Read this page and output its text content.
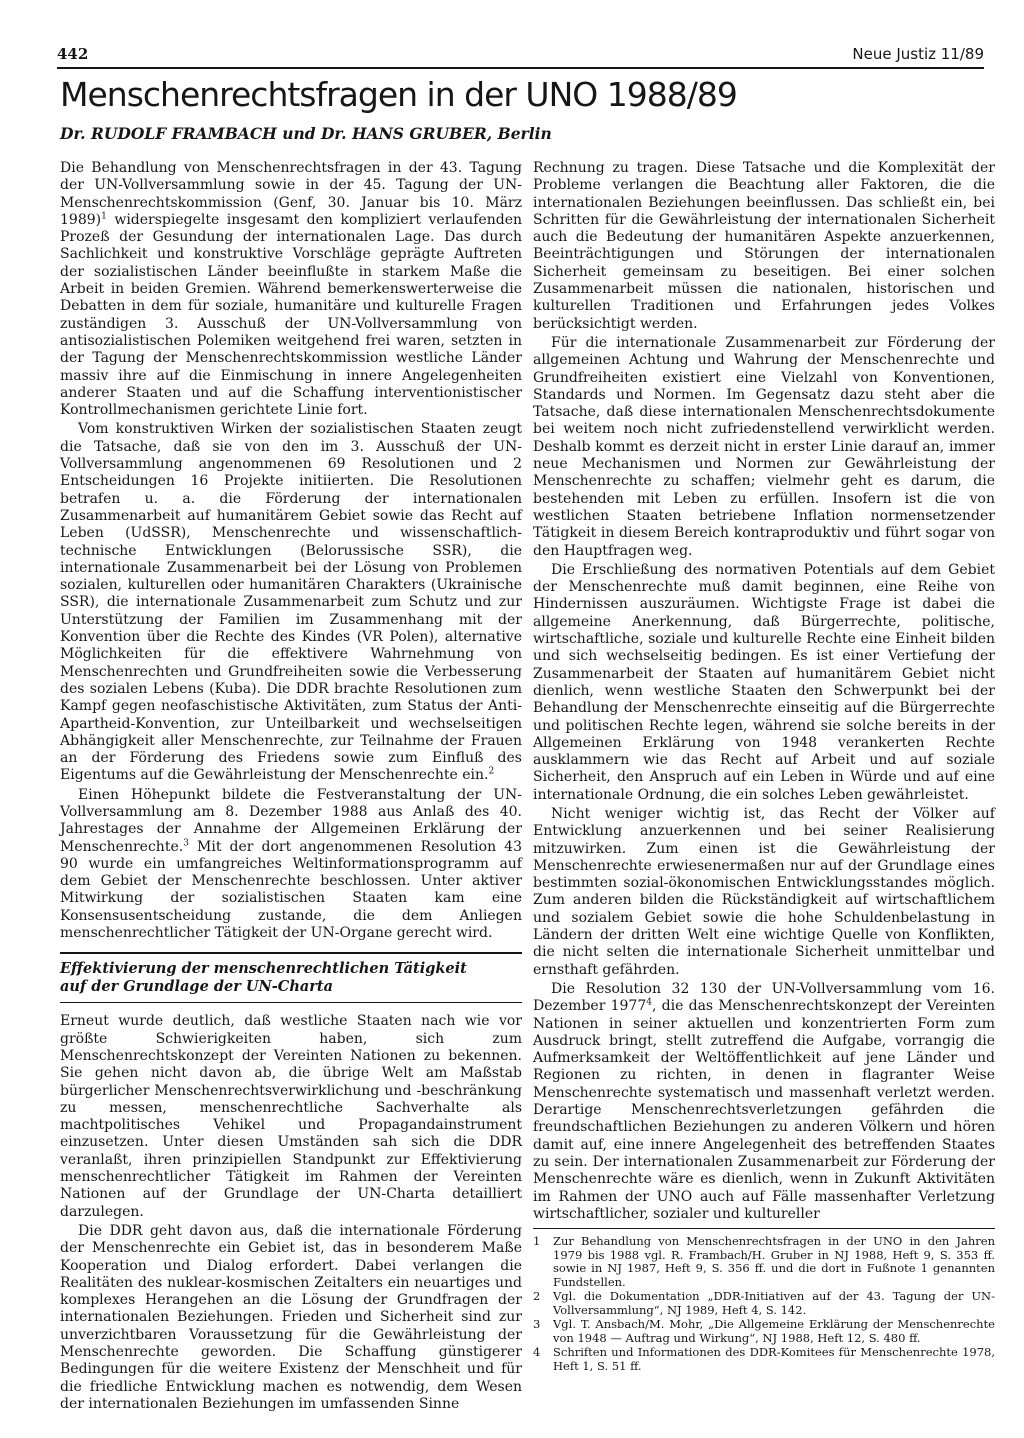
442	Neue Justiz 11/89
Menschenrechtsfragen in der UNO 1988/89
Dr. RUDOLF FRAMBACH und Dr. HANS GRUBER, Berlin

Die Behandlung von Menschenrechtsfragen in der 43. Tagung der UN-Vollversammlung sowie in der 45. Tagung der UN-Menschenrechtskommission (Genf, 30. Januar bis 10. März 1989)$^1$ widerspiegelte insgesamt den kompliziert verlaufenden Prozeß der Gesundung der internationalen Lage. Das durch Sachlichkeit und konstruktive Vorschläge geprägte Auftreten der sozialistischen Länder beeinflußte in starkem Maße die Arbeit in beiden Gremien. Während bemerkenswerterweise die Debatten in dem für soziale, humanitäre und kulturelle Fragen zuständigen 3. Ausschuß der UN-Vollversammlung von antisozialistischen Polemiken weitgehend frei waren, setzten in der Tagung der Menschenrechtskommission westliche Länder massiv ihre auf die Einmischung in innere Angelegenheiten anderer Staaten und auf die Schaffung interventionistischer Kontrollmechanismen gerichtete Linie fort.

Vom konstruktiven Wirken der sozialistischen Staaten zeugt die Tatsache, daß sie von den im 3. Ausschuß der UN-Vollversammlung angenommenen 69 Resolutionen und 2 Entscheidungen 16 Projekte initiierten. Die Resolutionen betrafen u. a. die Förderung der internationalen Zusammenarbeit auf humanitärem Gebiet sowie das Recht auf Leben (UdSSR), Menschenrechte und wissenschaftlich-technische Entwicklungen (Belorussische SSR), die internationale Zusammenarbeit bei der Lösung von Problemen sozialen, kulturellen oder humanitären Charakters (Ukrainische SSR), die internationale Zusammenarbeit zum Schutz und zur Unterstützung der Familien im Zusammenhang mit der Konvention über die Rechte des Kindes (VR Polen), alternative Möglichkeiten für die effektivere Wahrnehmung von Menschenrechten und Grundfreiheiten sowie die Verbesserung des sozialen Lebens (Kuba). Die DDR brachte Resolutionen zum Kampf gegen neofaschistische Aktivitäten, zum Status der Anti-Apartheid-Konvention, zur Unteilbarkeit und wechselseitigen Abhängigkeit aller Menschenrechte, zur Teilnahme der Frauen an der Förderung des Friedens sowie zum Einfluß des Eigentums auf die Gewährleistung der Menschenrechte ein.$^2$

Einen Höhepunkt bildete die Festveranstaltung der UN-Vollversammlung am 8. Dezember 1988 aus Anlaß des 40. Jahrestages der Annahme der Allgemeinen Erklärung der Menschenrechte.$^3$ Mit der dort angenommenen Resolution 43 90 wurde ein umfangreiches Weltinformationsprogramm auf dem Gebiet der Menschenrechte beschlossen. Unter aktiver Mitwirkung der sozialistischen Staaten kam eine Konsensusentscheidung zustande, die dem Anliegen menschenrechtlicher Tätigkeit der UN-Organe gerecht wird.

Effektivierung der menschenrechtlichen Tätigkeit
auf der Grundlage der UN-Charta

Erneut wurde deutlich, daß westliche Staaten nach wie vor größte Schwierigkeiten haben, sich zum Menschenrechtskonzept der Vereinten Nationen zu bekennen. Sie gehen nicht davon ab, die übrige Welt am Maßstab bürgerlicher Menschenrechtsverwirklichung und -beschränkung zu messen, menschenrechtliche Sachverhalte als machtpolitisches Vehikel und Propagandainstrument einzusetzen. Unter diesen Umständen sah sich die DDR veranlaßt, ihren prinzipiellen Standpunkt zur Effektivierung menschenrechtlicher Tätigkeit im Rahmen der Vereinten Nationen auf der Grundlage der UN-Charta detailliert darzulegen.

Die DDR geht davon aus, daß die internationale Förderung der Menschenrechte ein Gebiet ist, das in besonderem Maße Kooperation und Dialog erfordert. Dabei verlangen die Realitäten des nuklear-kosmischen Zeitalters ein neuartiges und komplexes Herangehen an die Lösung der Grundfragen der internationalen Beziehungen. Frieden und Sicherheit sind zur unverzichtbaren Voraussetzung für die Gewährleistung der Menschenrechte geworden. Die Schaffung günstigerer Bedingungen für die weitere Existenz der Menschheit und für die friedliche Entwicklung machen es notwendig, dem Wesen der internationalen Beziehungen im umfassenden Sinne

Rechnung zu tragen. Diese Tatsache und die Komplexität der Probleme verlangen die Beachtung aller Faktoren, die die internationalen Beziehungen beeinflussen. Das schließt ein, bei Schritten für die Gewährleistung der internationalen Sicherheit auch die Bedeutung der humanitären Aspekte anzuerkennen, Beeinträchtigungen und Störungen der internationalen Sicherheit gemeinsam zu beseitigen. Bei einer solchen Zusammenarbeit müssen die nationalen, historischen und kulturellen Traditionen und Erfahrungen jedes Volkes berücksichtigt werden.

Für die internationale Zusammenarbeit zur Förderung der allgemeinen Achtung und Wahrung der Menschenrechte und Grundfreiheiten existiert eine Vielzahl von Konventionen, Standards und Normen. Im Gegensatz dazu steht aber die Tatsache, daß diese internationalen Menschenrechtsdokumente bei weitem noch nicht zufriedenstellend verwirklicht werden. Deshalb kommt es derzeit nicht in erster Linie darauf an, immer neue Mechanismen und Normen zur Gewährleistung der Menschenrechte zu schaffen; vielmehr geht es darum, die bestehenden mit Leben zu erfüllen. Insofern ist die von westlichen Staaten betriebene Inflation normensetzender Tätigkeit in diesem Bereich kontraproduktiv und führt sogar von den Hauptfragen weg.

Die Erschließung des normativen Potentials auf dem Gebiet der Menschenrechte muß damit beginnen, eine Reihe von Hindernissen auszuräumen. Wichtigste Frage ist dabei die allgemeine Anerkennung, daß Bürgerrechte, politische, wirtschaftliche, soziale und kulturelle Rechte eine Einheit bilden und sich wechselseitig bedingen. Es ist einer Vertiefung der Zusammenarbeit der Staaten auf humanitärem Gebiet nicht dienlich, wenn westliche Staaten den Schwerpunkt bei der Behandlung der Menschenrechte einseitig auf die Bürgerrechte und politischen Rechte legen, während sie solche bereits in der Allgemeinen Erklärung von 1948 verankerten Rechte ausklammern wie das Recht auf Arbeit und auf soziale Sicherheit, den Anspruch auf ein Leben in Würde und auf eine internationale Ordnung, die ein solches Leben gewährleistet.

Nicht weniger wichtig ist, das Recht der Völker auf Entwicklung anzuerkennen und bei seiner Realisierung mitzuwirken. Zum einen ist die Gewährleistung der Menschenrechte erwiesenermaßen nur auf der Grundlage eines bestimmten sozial-ökonomischen Entwicklungsstandes möglich. Zum anderen bilden die Rückständigkeit auf wirtschaftlichem und sozialem Gebiet sowie die hohe Schuldenbelastung in Ländern der dritten Welt eine wichtige Quelle von Konflikten, die nicht selten die internationale Sicherheit unmittelbar und ernsthaft gefährden.

Die Resolution 32 130 der UN-Vollversammlung vom 16. Dezember 1977$^4$, die das Menschenrechtskonzept der Vereinten Nationen in seiner aktuellen und konzentrierten Form zum Ausdruck bringt, stellt zutreffend die Aufgabe, vorrangig die Aufmerksamkeit der Weltöffentlichkeit auf jene Länder und Regionen zu richten, in denen in flagranter Weise Menschenrechte systematisch und massenhaft verletzt werden. Derartige Menschenrechtsverletzungen gefährden die freundschaftlichen Beziehungen zu anderen Völkern und hören damit auf, eine innere Angelegenheit des betreffenden Staates zu sein. Der internationalen Zusammenarbeit zur Förderung der Menschenrechte wäre es dienlich, wenn in Zukunft Aktivitäten im Rahmen der UNO auch auf Fälle massenhafter Verletzung wirtschaftlicher, sozialer und kultureller

1	Zur Behandlung von Menschenrechtsfragen in der UNO in den Jahren 1979 bis 1988 vgl. R. Frambach/H. Gruber in NJ 1988, Heft 9, S. 353 ff. sowie in NJ 1987, Heft 9, S. 356 ff. und die dort in Fußnote 1 genannten Fundstellen.
2	Vgl. die Dokumentation „DDR-Initiativen auf der 43. Tagung der UN-Vollversammlung“, NJ 1989, Heft 4, S. 142.
3	Vgl. T. Ansbach/M. Mohr, „Die Allgemeine Erklärung der Menschenrechte von 1948 — Auftrag und Wirkung“, NJ 1988, Heft 12, S. 480 ff.
4	Schriften und Informationen des DDR-Komitees für Menschenrechte 1978, Heft 1, S. 51 ff.
